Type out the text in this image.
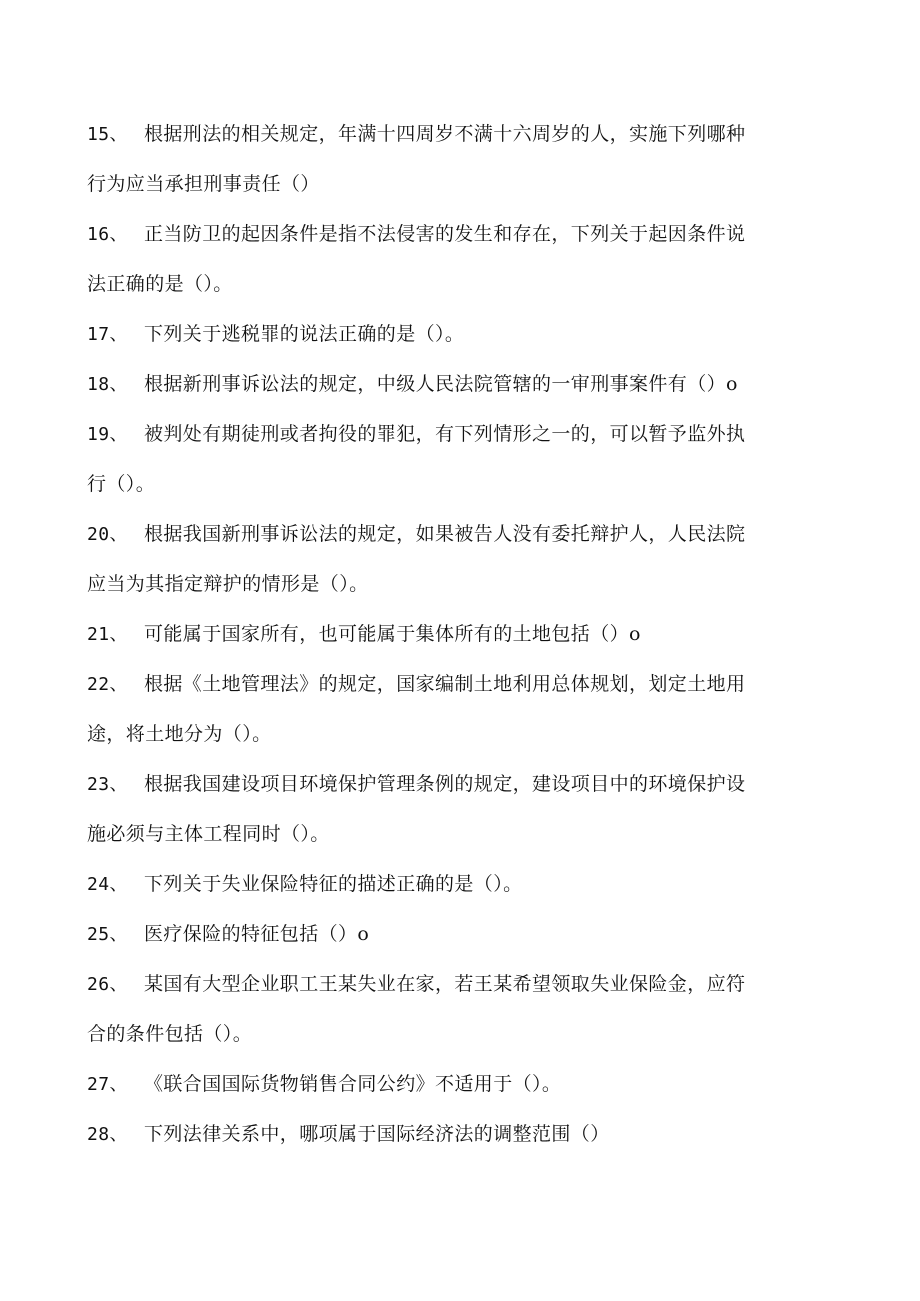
15、 根据刑法的相关规定，年满十四周岁不满十六周岁的人，实施下列哪种
行为应当承担刑事责任（）
16、 正当防卫的起因条件是指不法侵害的发生和存在，下列关于起因条件说
法正确的是（）。
17、 下列关于逃税罪的说法正确的是（）。
18、 根据新刑事诉讼法的规定，中级人民法院管辖的一审刑事案件有（）o
19、 被判处有期徒刑或者拘役的罪犯，有下列情形之一的，可以暂予监外执
行（）。
20、 根据我国新刑事诉讼法的规定，如果被告人没有委托辩护人，人民法院
应当为其指定辩护的情形是（）。
21、 可能属于国家所有，也可能属于集体所有的土地包括（）o
22、 根据《土地管理法》的规定，国家编制土地利用总体规划，划定土地用
途，将土地分为（）。
23、 根据我国建设项目环境保护管理条例的规定，建设项目中的环境保护设
施必须与主体工程同时（）。
24、 下列关于失业保险特征的描述正确的是（）。
25、 医疗保险的特征包括（）o
26、 某国有大型企业职工王某失业在家，若王某希望领取失业保险金，应符
合的条件包括（）。
27、 《联合国国际货物销售合同公约》不适用于（）。
28、 下列法律关系中，哪项属于国际经济法的调整范围（）
